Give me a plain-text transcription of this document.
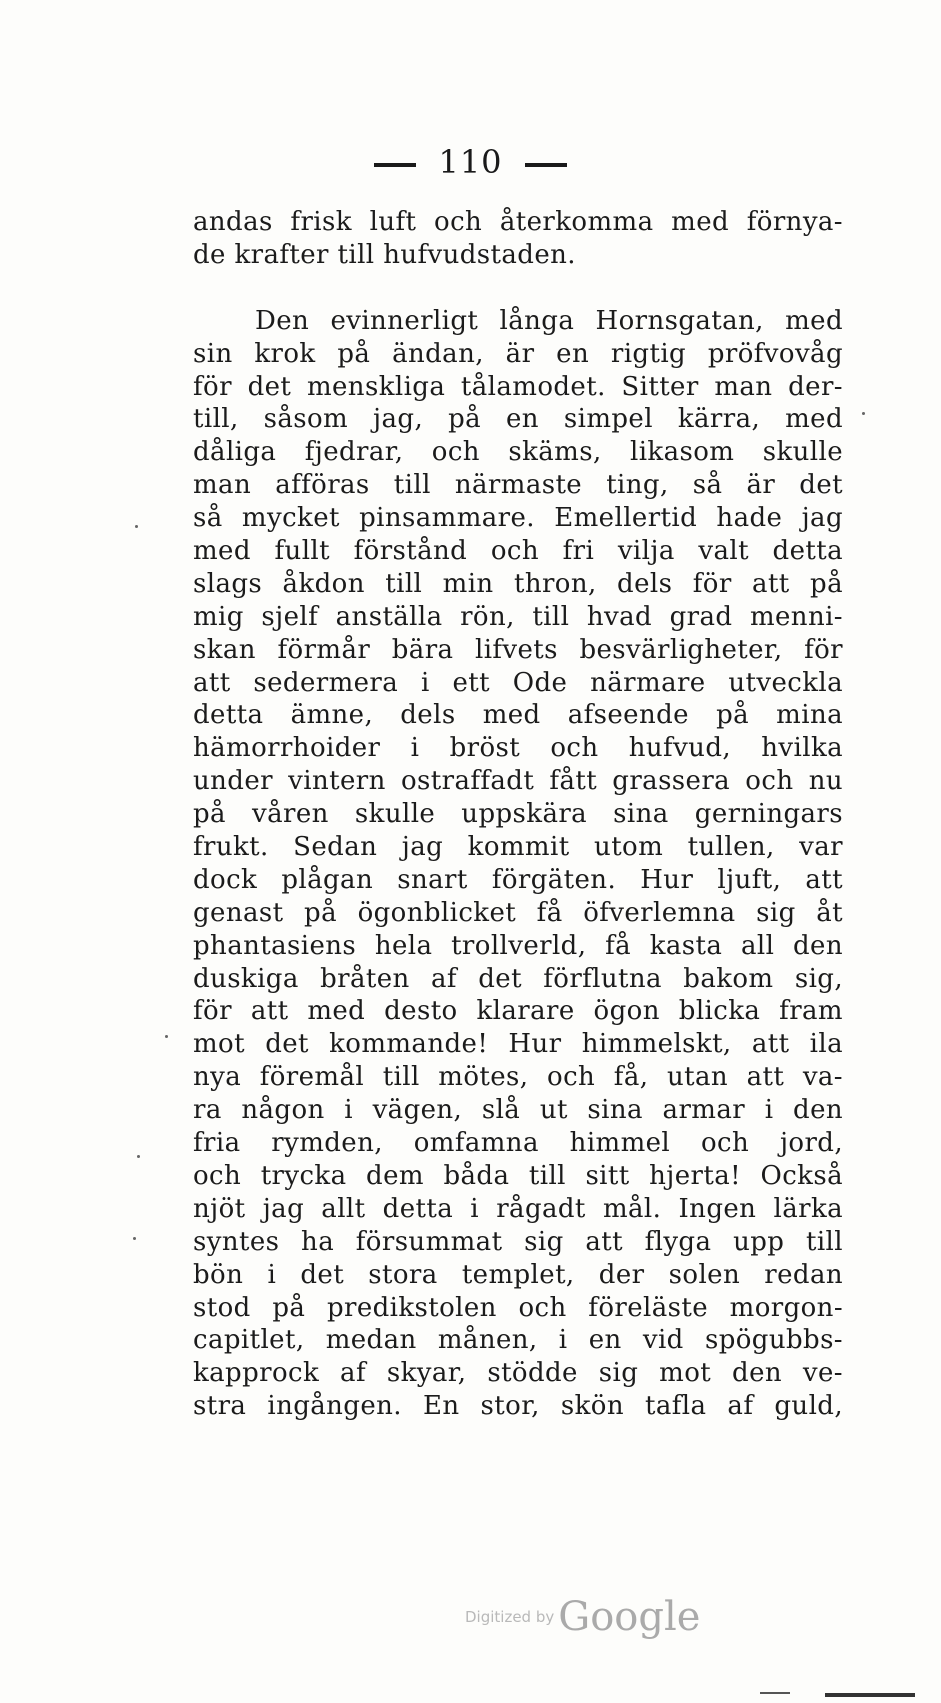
110
andas frisk luft och återkomma med förnya-
de krafter till hufvudstaden.
Den evinnerligt långa Hornsgatan, med
sin krok på ändan, är en rigtig pröfvovåg
för det menskliga tålamodet. Sitter man der-
till, såsom jag, på en simpel kärra, med
dåliga fjedrar, och skäms, likasom skulle
man afföras till närmaste ting, så är det
så mycket pinsammare. Emellertid hade jag
med fullt förstånd och fri vilja valt detta
slags åkdon till min thron, dels för att på
mig sjelf anställa rön, till hvad grad menni-
skan förmår bära lifvets besvärligheter, för
att sedermera i ett Ode närmare utveckla
detta ämne, dels med afseende på mina
hämorrhoider i bröst och hufvud, hvilka
under vintern ostraffadt fått grassera och nu
på våren skulle uppskära sina gerningars
frukt. Sedan jag kommit utom tullen, var
dock plågan snart förgäten. Hur ljuft, att
genast på ögonblicket få öfverlemna sig åt
phantasiens hela trollverld, få kasta all den
duskiga bråten af det förflutna bakom sig,
för att med desto klarare ögon blicka fram
mot det kommande! Hur himmelskt, att ila
nya föremål till mötes, och få, utan att va-
ra någon i vägen, slå ut sina armar i den
fria rymden, omfamna himmel och jord,
och trycka dem båda till sitt hjerta! Också
njöt jag allt detta i rågadt mål. Ingen lärka
syntes ha försummat sig att flyga upp till
bön i det stora templet, der solen redan
stod på predikstolen och föreläste morgon-
capitlet, medan månen, i en vid spögubbs-
kapprock af skyar, stödde sig mot den ve-
stra ingången. En stor, skön tafla af guld,
Digitized by Google
